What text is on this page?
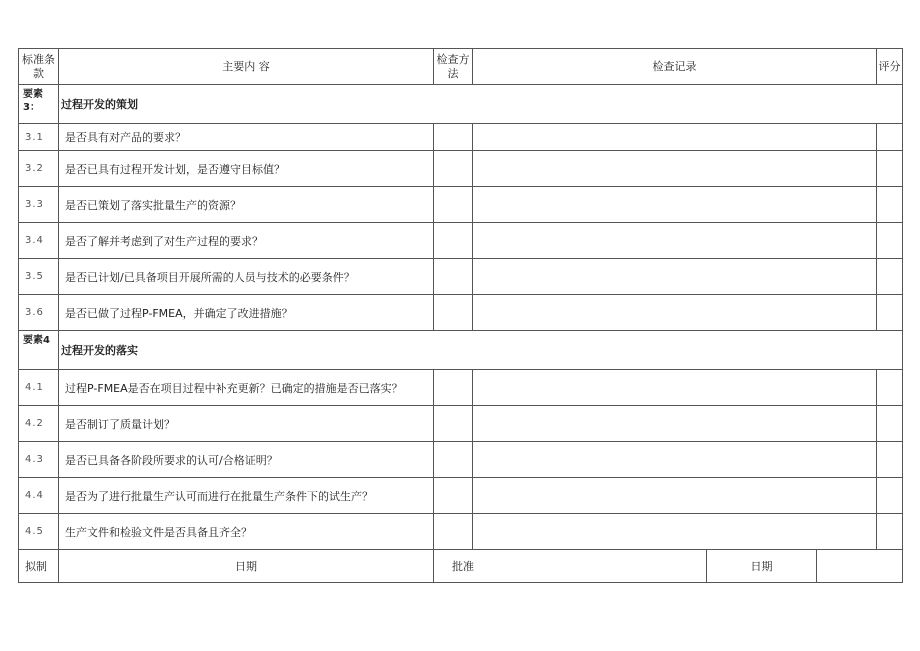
标准条款	主要内 容	检查方法	检查记录			评分
要素3：	过程开发的策划					
3.1	是否具有对产品的要求？					
3.2	是否已具有过程开发计划，是否遵守目标值？					
3.3	是否已策划了落实批量生产的资源？					
3.4	是否了解并考虑到了对生产过程的要求？					
3.5	是否已计划/已具备项目开展所需的人员与技术的必要条件？					
3.6	是否已做了过程P-FMEA，并确定了改进措施？					
要素4	过程开发的落实					
4.1	过程P-FMEA是否在项目过程中补充更新？已确定的措施是否已落实？					
4.2	是否制订了质量计划？					
4.3	是否已具备各阶段所要求的认可/合格证明？					
4.4	是否为了进行批量生产认可而进行在批量生产条件下的试生产？					
4.5	生产文件和检验文件是否具备且齐全？					
拟制	日期	批准		日期		
